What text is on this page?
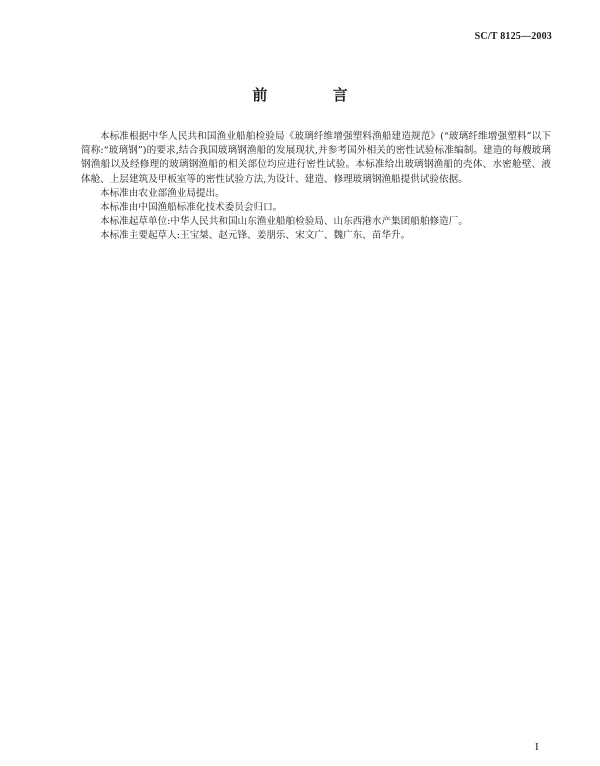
SC/T 8125—2003
前 言

本标准根据中华人民共和国渔业船舶检验局《玻璃纤维增强塑料渔船建造规范》(“玻璃纤维增强塑料”以下简称:“玻璃钢”)的要求,结合我国玻璃钢渔船的发展现状,并参考国外相关的密性试验标准编制。建造的每艘玻璃钢渔船以及经修理的玻璃钢渔船的相关部位均应进行密性试验。本标准给出玻璃钢渔船的壳体、水密舱壁、液体舱、上层建筑及甲板室等的密性试验方法,为设计、建造、修理玻璃钢渔船提供试验依据。

本标准由农业部渔业局提出。

本标准由中国渔船标准化技术委员会归口。

本标准起草单位:中华人民共和国山东渔业船舶检验局、山东西港水产集团船舶修造厂。

本标准主要起草人:王宝桀、赵元锋、姜朋乐、宋文广、魏广东、苗华升。

I
